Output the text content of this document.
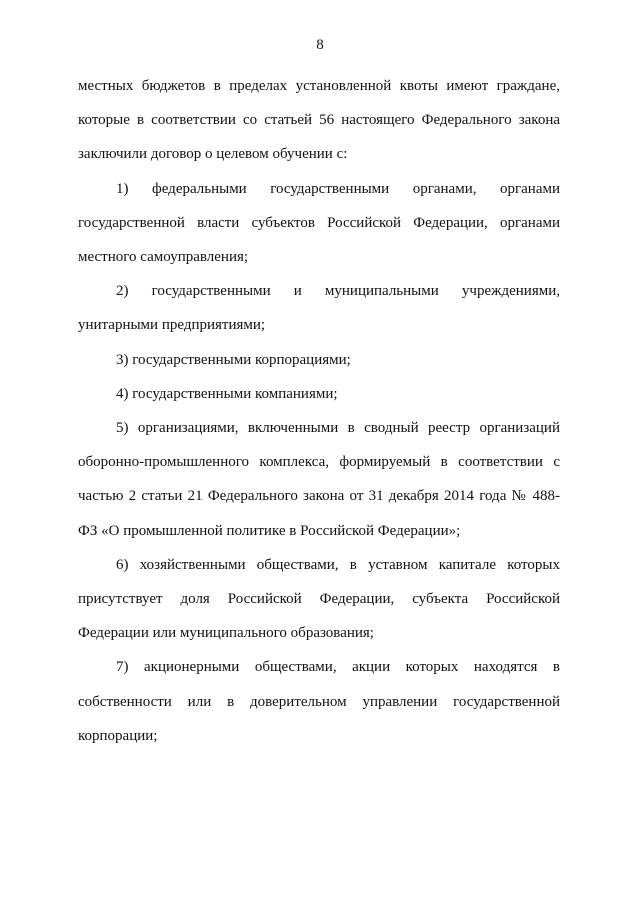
8

местных бюджетов в пределах установленной квоты имеют граждане, которые в соответствии со статьей 56 настоящего Федерального закона заключили договор о целевом обучении с:

1) федеральными государственными органами, органами государственной власти субъектов Российской Федерации, органами местного самоуправления;

2) государственными и муниципальными учреждениями, унитарными предприятиями;

3) государственными корпорациями;

4) государственными компаниями;

5) организациями, включенными в сводный реестр организаций оборонно-промышленного комплекса, формируемый в соответствии с частью 2 статьи 21 Федерального закона от 31 декабря 2014 года № 488-ФЗ «О промышленной политике в Российской Федерации»;

6) хозяйственными обществами, в уставном капитале которых присутствует доля Российской Федерации, субъекта Российской Федерации или муниципального образования;

7) акционерными обществами, акции которых находятся в собственности или в доверительном управлении государственной корпорации;
